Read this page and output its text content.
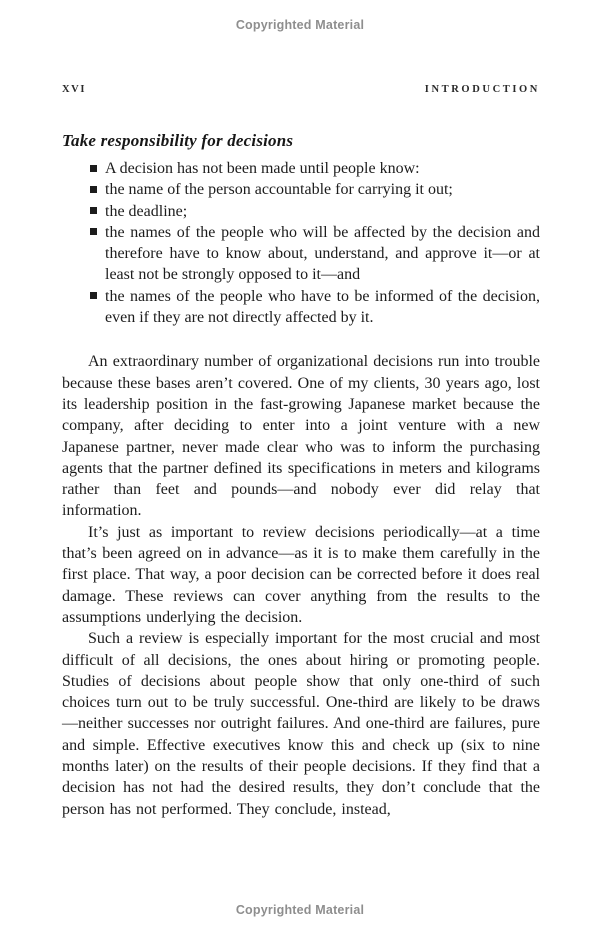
Copyrighted Material
XVI	INTRODUCTION
Take responsibility for decisions
A decision has not been made until people know:
the name of the person accountable for carrying it out;
the deadline;
the names of the people who will be affected by the decision and therefore have to know about, understand, and approve it—or at least not be strongly opposed to it—and
the names of the people who have to be informed of the decision, even if they are not directly affected by it.

An extraordinary number of organizational decisions run into trouble because these bases aren’t covered. One of my clients, 30 years ago, lost its leadership position in the fast-growing Japanese market because the company, after deciding to enter into a joint venture with a new Japanese partner, never made clear who was to inform the purchasing agents that the partner defined its specifications in meters and kilograms rather than feet and pounds—and nobody ever did relay that information.

It’s just as important to review decisions periodically—at a time that’s been agreed on in advance—as it is to make them carefully in the first place. That way, a poor decision can be corrected before it does real damage. These reviews can cover anything from the results to the assumptions underlying the decision.

Such a review is especially important for the most crucial and most difficult of all decisions, the ones about hiring or promoting people. Studies of decisions about people show that only one-third of such choices turn out to be truly successful. One-third are likely to be draws—neither successes nor outright failures. And one-third are failures, pure and simple. Effective executives know this and check up (six to nine months later) on the results of their people decisions. If they find that a decision has not had the desired results, they don’t conclude that the person has not performed. They conclude, instead,

Copyrighted Material
